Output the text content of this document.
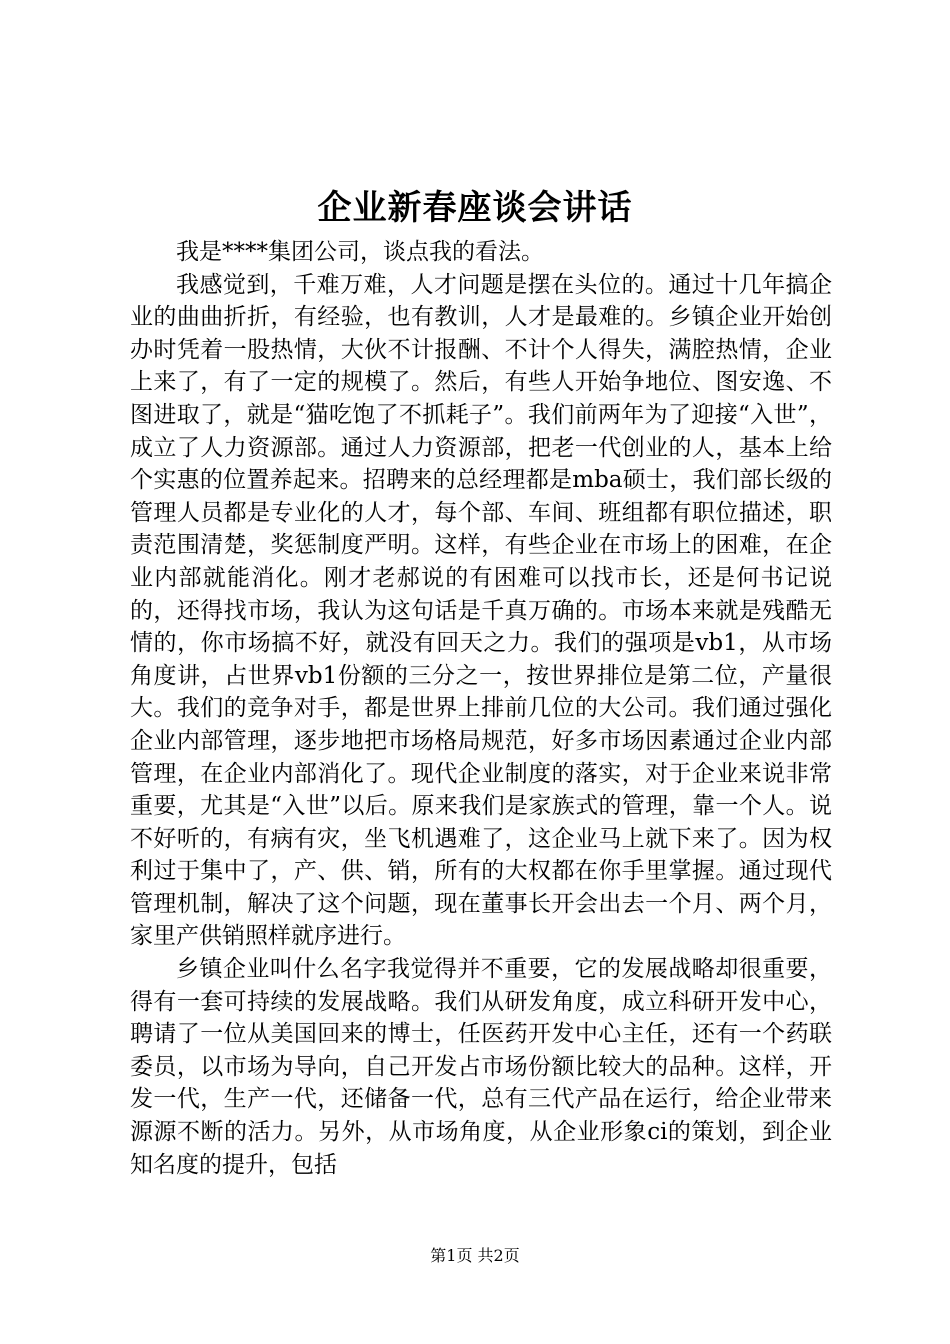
企业新春座谈会讲话

我是****集团公司，谈点我的看法。

我感觉到，千难万难，人才问题是摆在头位的。通过十几年搞企业的曲曲折折，有经验，也有教训，人才是最难的。乡镇企业开始创办时凭着一股热情，大伙不计报酬、不计个人得失，满腔热情，企业上来了，有了一定的规模了。然后，有些人开始争地位、图安逸、不图进取了，就是“猫吃饱了不抓耗子”。我们前两年为了迎接“入世”，成立了人力资源部。通过人力资源部，把老一代创业的人，基本上给个实惠的位置养起来。招聘来的总经理都是mba硕士，我们部长级的管理人员都是专业化的人才，每个部、车间、班组都有职位描述，职责范围清楚，奖惩制度严明。这样，有些企业在市场上的困难，在企业内部就能消化。刚才老郝说的有困难可以找市长，还是何书记说的，还得找市场，我认为这句话是千真万确的。市场本来就是残酷无情的，你市场搞不好，就没有回天之力。我们的强项是vb1，从市场角度讲，占世界vb1份额的三分之一，按世界排位是第二位，产量很大。我们的竞争对手，都是世界上排前几位的大公司。我们通过强化企业内部管理，逐步地把市场格局规范，好多市场因素通过企业内部管理，在企业内部消化了。现代企业制度的落实，对于企业来说非常重要，尤其是“入世”以后。原来我们是家族式的管理，靠一个人。说不好听的，有病有灾，坐飞机遇难了，这企业马上就下来了。因为权利过于集中了，产、供、销，所有的大权都在你手里掌握。通过现代管理机制，解决了这个问题，现在董事长开会出去一个月、两个月，家里产供销照样就序进行。

乡镇企业叫什么名字我觉得并不重要，它的发展战略却很重要，得有一套可持续的发展战略。我们从研发角度，成立科研开发中心，聘请了一位从美国回来的博士，任医药开发中心主任，还有一个药联委员，以市场为导向，自己开发占市场份额比较大的品种。这样，开发一代，生产一代，还储备一代，总有三代产品在运行，给企业带来源源不断的活力。另外，从市场角度，从企业形象ci的策划，到企业知名度的提升，包括

第1页 共2页
